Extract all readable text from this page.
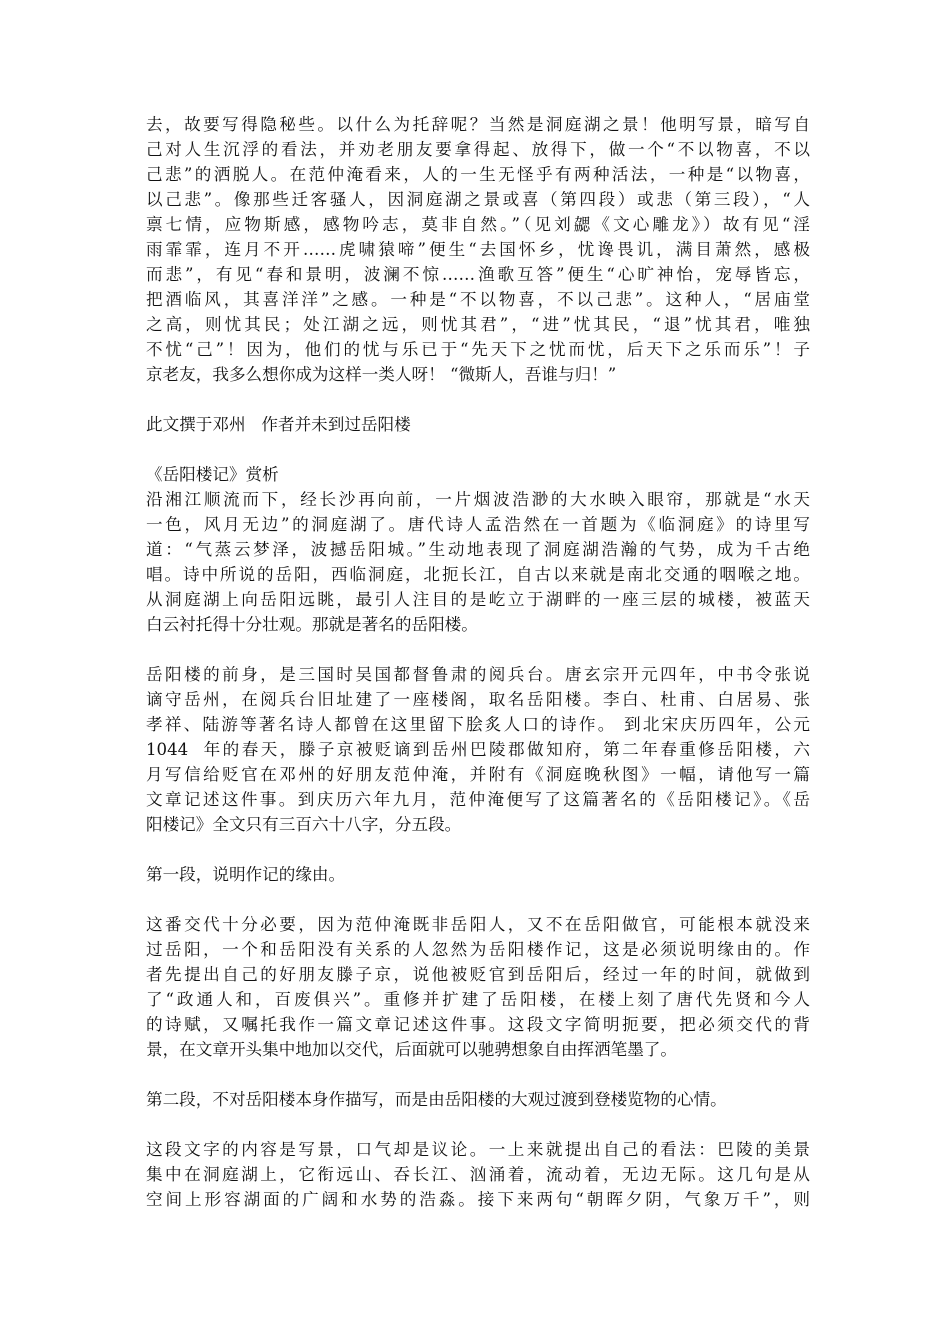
去，故要写得隐秘些。以什么为托辞呢？当然是洞庭湖之景！他明写景，暗写自
己对人生沉浮的看法，并劝老朋友要拿得起、放得下，做一个“不以物喜，不以
己悲”的洒脱人。在范仲淹看来，人的一生无怪乎有两种活法，一种是“以物喜，
以己悲”。像那些迁客骚人，因洞庭湖之景或喜（第四段）或悲（第三段），“人
禀七情，应物斯感，感物吟志，莫非自然。”（见刘勰《文心雕龙》）故有见“淫
雨霏霏，连月不开……虎啸猿啼”便生“去国怀乡，忧谗畏讥，满目萧然，感极
而悲”，有见“春和景明，波澜不惊……渔歌互答”便生“心旷神怡，宠辱皆忘，
把酒临风，其喜洋洋”之感。一种是“不以物喜，不以己悲”。这种人，“居庙堂
之高，则忧其民；处江湖之远，则忧其君”，“进”忧其民，“退”忧其君，唯独
不忧“己”！因为，他们的忧与乐已于“先天下之忧而忧，后天下之乐而乐”！子
京老友，我多么想你成为这样一类人呀！ “微斯人，吾谁与归！”
此文撰于邓州   作者并未到过岳阳楼
《岳阳楼记》赏析
沿湘江顺流而下，经长沙再向前，一片烟波浩渺的大水映入眼帘，那就是“水天
一色，风月无边”的洞庭湖了。唐代诗人孟浩然在一首题为《临洞庭》的诗里写
道：“气蒸云梦泽，波撼岳阳城。”生动地表现了洞庭湖浩瀚的气势，成为千古绝
唱。诗中所说的岳阳，西临洞庭，北扼长江，自古以来就是南北交通的咽喉之地。
从洞庭湖上向岳阳远眺，最引人注目的是屹立于湖畔的一座三层的城楼，被蓝天
白云衬托得十分壮观。那就是著名的岳阳楼。
岳阳楼的前身，是三国时吴国都督鲁肃的阅兵台。唐玄宗开元四年，中书令张说
谪守岳州，在阅兵台旧址建了一座楼阁，取名岳阳楼。李白、杜甫、白居易、张
孝祥、陆游等著名诗人都曾在这里留下脍炙人口的诗作。 到北宋庆历四年，公元
1044  年的春天，滕子京被贬谪到岳州巴陵郡做知府，第二年春重修岳阳楼，六
月写信给贬官在邓州的好朋友范仲淹，并附有《洞庭晚秋图》一幅，请他写一篇
文章记述这件事。到庆历六年九月，范仲淹便写了这篇著名的《岳阳楼记》。《岳
阳楼记》全文只有三百六十八字，分五段。
第一段，说明作记的缘由。
这番交代十分必要，因为范仲淹既非岳阳人，又不在岳阳做官，可能根本就没来
过岳阳，一个和岳阳没有关系的人忽然为岳阳楼作记，这是必须说明缘由的。作
者先提出自己的好朋友滕子京，说他被贬官到岳阳后，经过一年的时间，就做到
了“政通人和，百废俱兴”。重修并扩建了岳阳楼，在楼上刻了唐代先贤和今人
的诗赋，又嘱托我作一篇文章记述这件事。这段文字简明扼要，把必须交代的背
景，在文章开头集中地加以交代，后面就可以驰骋想象自由挥洒笔墨了。
第二段，不对岳阳楼本身作描写，而是由岳阳楼的大观过渡到登楼览物的心情。
这段文字的内容是写景，口气却是议论。一上来就提出自己的看法：巴陵的美景
集中在洞庭湖上，它衔远山、吞长江、汹涌着，流动着，无边无际。这几句是从
空间上形容湖面的广阔和水势的浩淼。接下来两句“朝晖夕阴，气象万千”，则
